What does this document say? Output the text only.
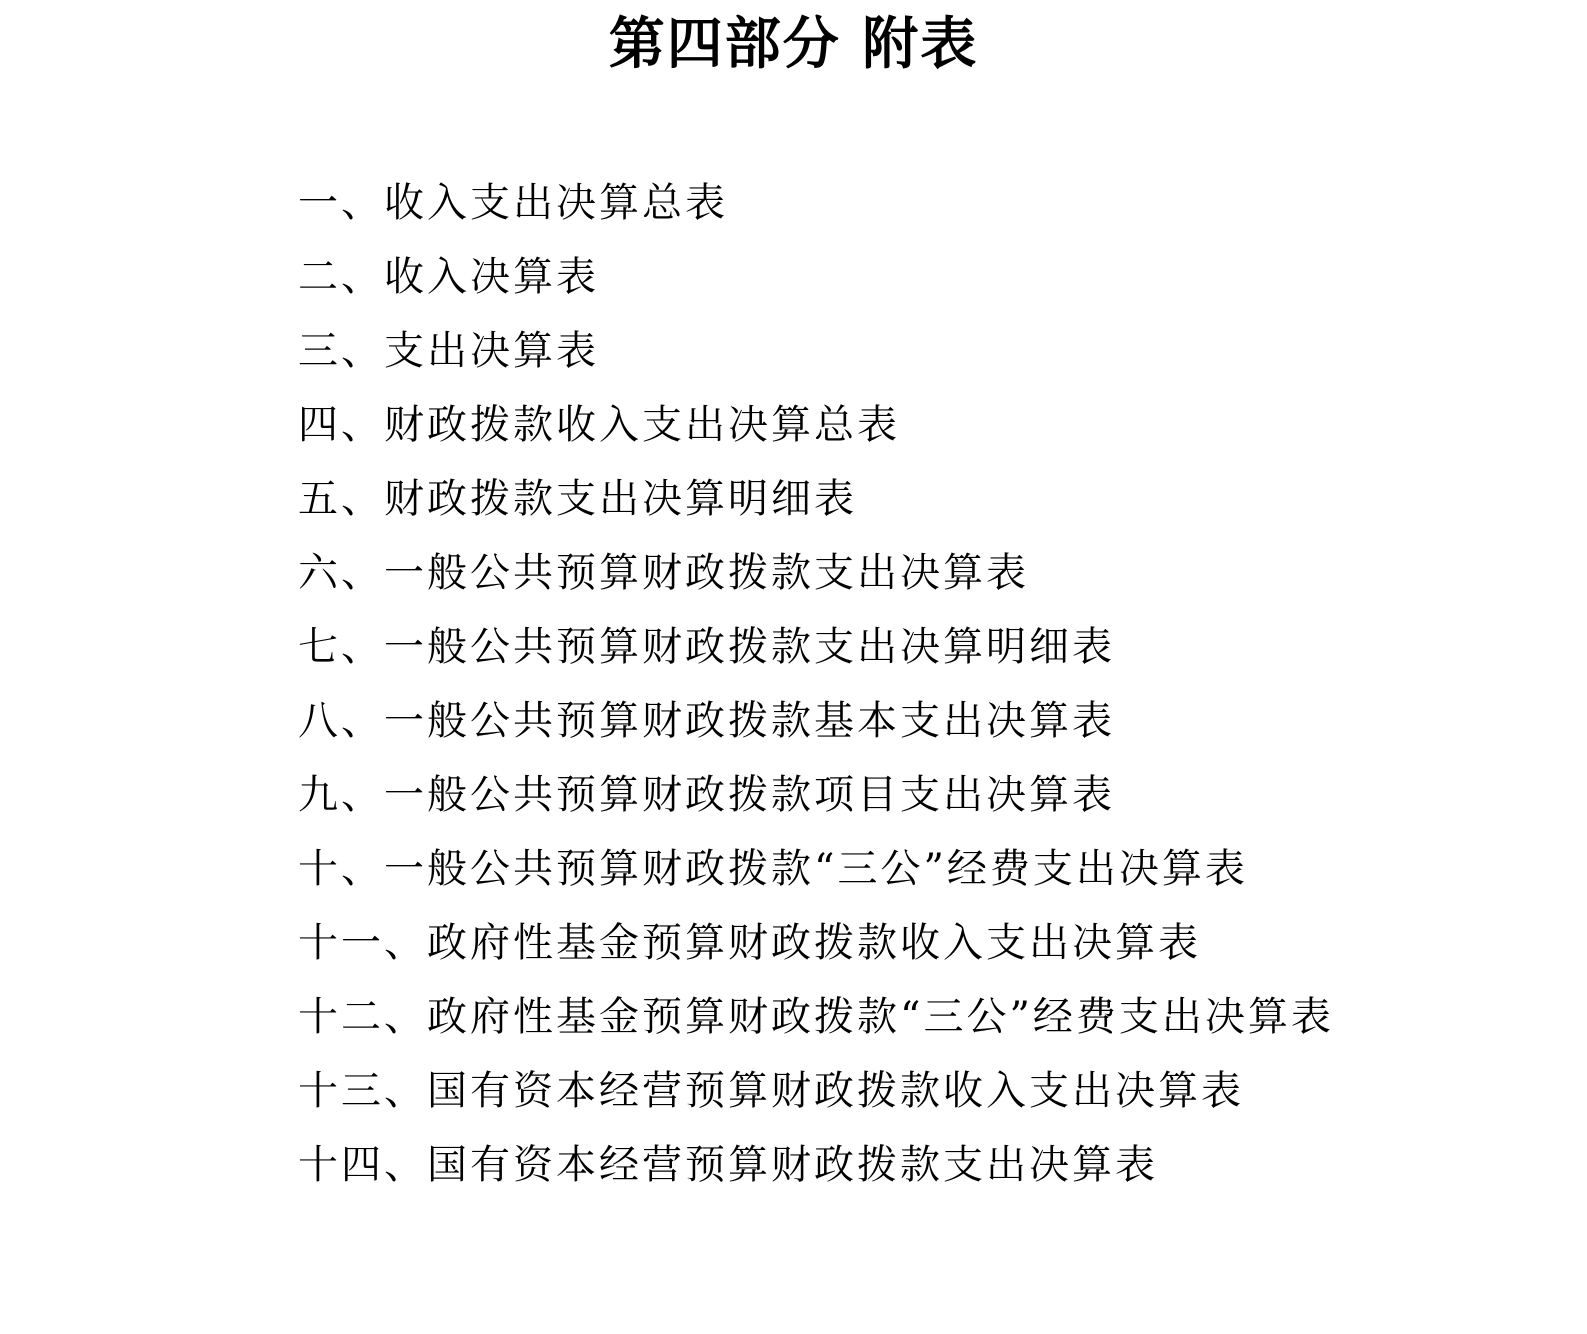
第四部分 附表
一、收入支出决算总表
二、收入决算表
三、支出决算表
四、财政拨款收入支出决算总表
五、财政拨款支出决算明细表
六、一般公共预算财政拨款支出决算表
七、一般公共预算财政拨款支出决算明细表
八、一般公共预算财政拨款基本支出决算表
九、一般公共预算财政拨款项目支出决算表
十、一般公共预算财政拨款“三公”经费支出决算表
十一、政府性基金预算财政拨款收入支出决算表
十二、政府性基金预算财政拨款“三公”经费支出决算表
十三、国有资本经营预算财政拨款收入支出决算表
十四、国有资本经营预算财政拨款支出决算表
